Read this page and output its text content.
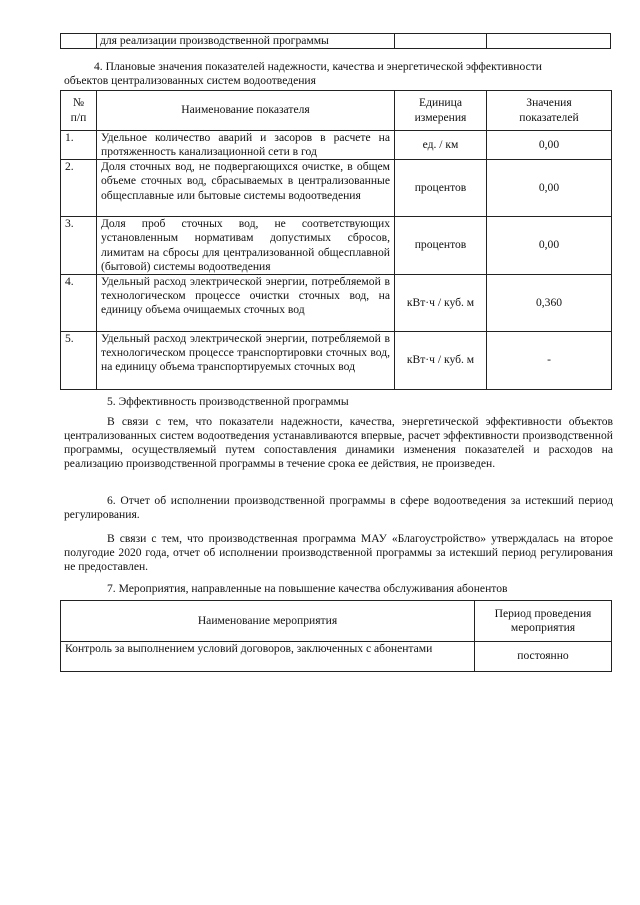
	для реализации производственной программы		
4. Плановые значения показателей надежности, качества и энергетической эффективности
объектов централизованных систем водоотведения
№ п/п	Наименование показателя	Единица измерения	Значения показателей
1.	Удельное количество аварий и засоров в расчете на протяженность канализационной сети в год	ед. / км	0,00
2.	Доля сточных вод, не подвергающихся очистке, в общем объеме сточных вод, сбрасываемых в централизованные общесплавные или бытовые системы водоотведения	процентов	0,00
3.	Доля проб сточных вод, не соответствующих установленным нормативам допустимых сбросов, лимитам на сбросы для централизованной общесплавной (бытовой) системы водоотведения	процентов	0,00
4.	Удельный расход электрической энергии, потребляемой в технологическом процессе очистки сточных вод, на единицу объема очищаемых сточных вод	кВт·ч / куб. м	0,360
5.	Удельный расход электрической энергии, потребляемой в технологическом процессе транспортировки сточных вод, на единицу объема транспортируемых сточных вод	кВт·ч / куб. м	-
5. Эффективность производственной программы
В связи с тем, что показатели надежности, качества, энергетической эффективности объектов централизованных систем водоотведения устанавливаются впервые, расчет эффективности производственной программы, осуществляемый путем сопоставления динамики изменения показателей и расходов на реализацию производственной программы в течение срока ее действия, не произведен.
6. Отчет об исполнении производственной программы в сфере водоотведения за истекший период регулирования.
В связи с тем, что производственная программа МАУ «Благоустройство» утверждалась на второе полугодие 2020 года, отчет об исполнении производственной программы за истекший период регулирования не предоставлен.
7. Мероприятия, направленные на повышение качества обслуживания абонентов
Наименование мероприятия	Период проведения мероприятия
Контроль за выполнением условий договоров, заключенных с абонентами	постоянно
